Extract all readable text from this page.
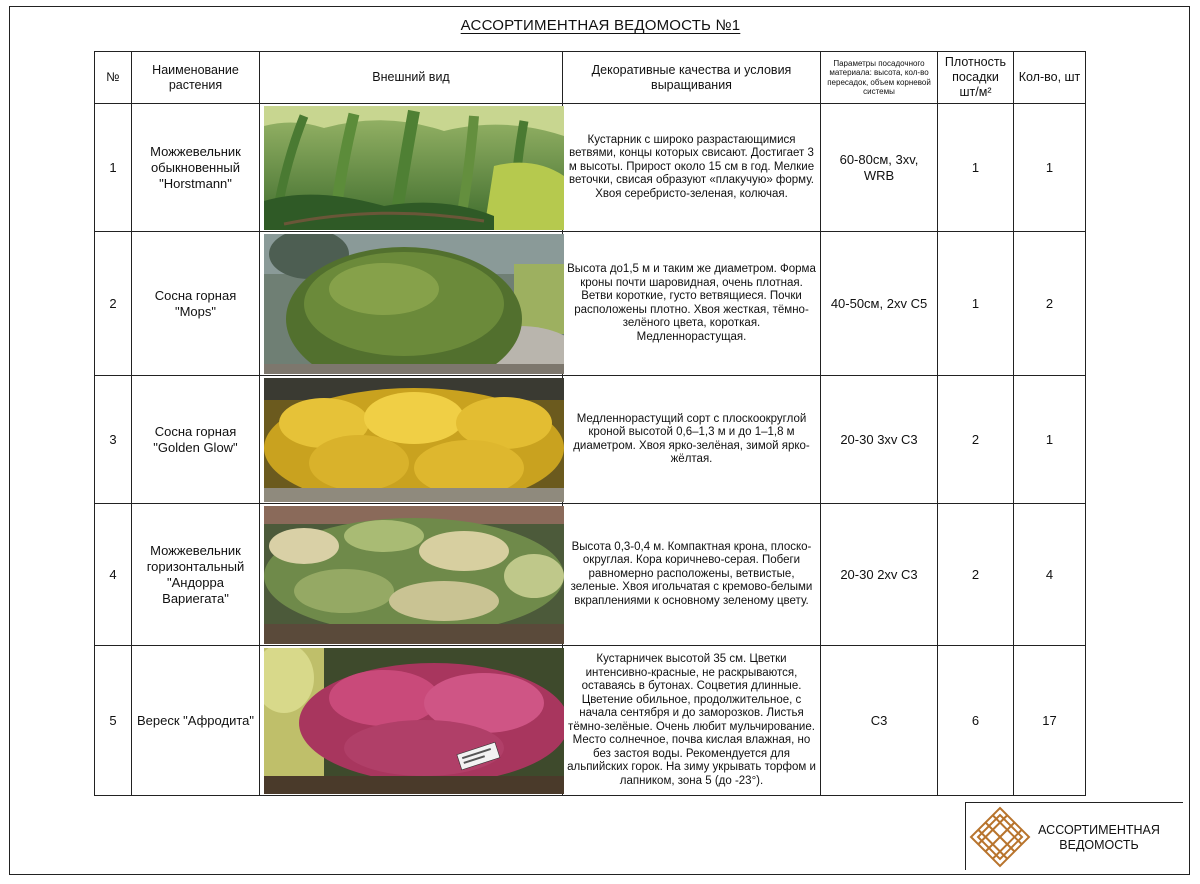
АССОРТИМЕНТНАЯ ВЕДОМОСТЬ №1
№	Наименование растения	Внешний вид	Декоративные качества и условия выращивания	Параметры посадочного материала: высота, кол-во пересадок, объем корневой системы	Плотность посадки шт/м²	Кол-во, шт
1	Можжевельник обыкновенный "Horstmann"		Кустарник с широко разрастающимися ветвями, концы которых свисают. Достигает 3 м высоты. Прирост около 15 см в год. Мелкие веточки, свисая образуют «плакучую» форму. Хвоя серебристо-зеленая, колючая.	60-80см, 3хv, WRB	1	1
2	Сосна горная "Mops"		Высота до1,5 м и таким же диаметром. Форма кроны почти шаровидная, очень плотная. Ветви короткие, густо ветвящиеся. Почки расположены плотно. Хвоя жесткая, тёмно-зелёного цвета, короткая. Медленнорастущая.	40-50см, 2хv C5	1	2
3	Сосна горная "Golden Glow"		Медленнорастущий сорт с плоскоокруглой кроной высотой 0,6–1,3 м и до 1–1,8 м диаметром. Хвоя ярко-зелёная, зимой ярко-жёлтая.	20-30 3хv C3	2	1
4	Можжевельник горизонтальный "Андорра Вариегата"		Высота 0,3-0,4 м. Компактная крона, плоско-округлая. Кора коричнево-серая. Побеги равномерно расположены, ветвистые, зеленые. Хвоя игольчатая с кремово-белыми вкраплениями к основному зеленому цвету.	20-30 2хv C3	2	4
5	Вереск "Афродита"		Кустарничек высотой 35 см. Цветки интенсивно-красные, не раскрываются, оставаясь в бутонах. Соцветия длинные. Цветение обильное, продолжительное, с начала сентября и до заморозков. Листья тёмно-зелёные. Очень любит мульчирование. Место солнечное, почва кислая влажная, но без застоя воды. Рекомендуется для альпийских горок. На зиму укрывать торфом и лапником, зона 5 (до -23°).	C3	6	17
АССОРТИМЕНТНАЯ ВЕДОМОСТЬ
